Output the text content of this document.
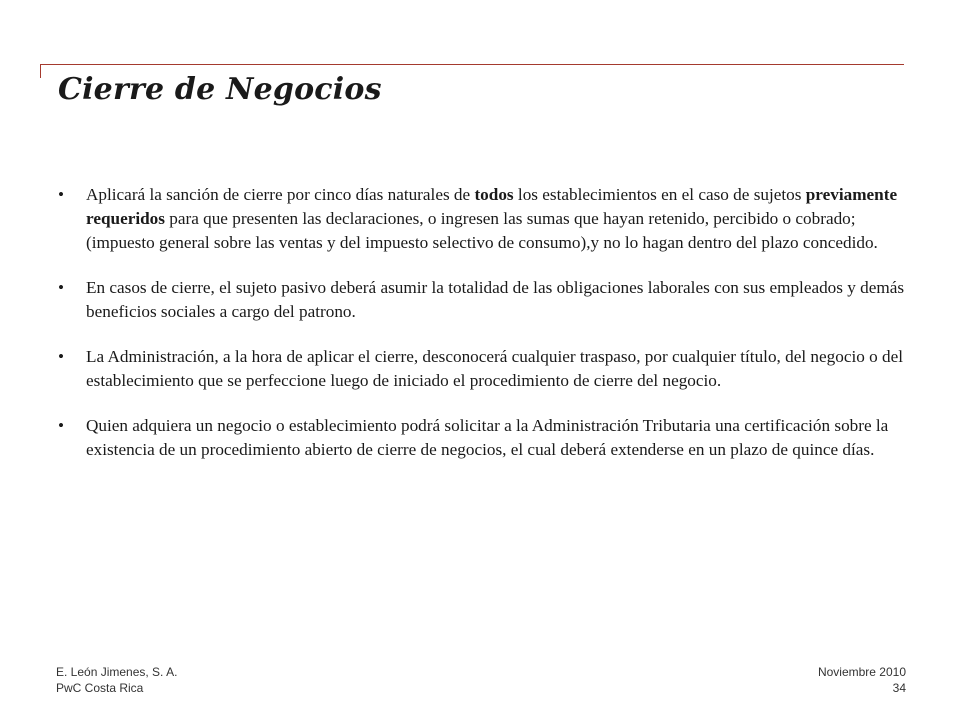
Cierre de Negocios
• Aplicará la sanción de cierre por cinco días naturales de todos los establecimientos en el caso de sujetos previamente requeridos para que presenten las declaraciones, o ingresen las sumas que hayan retenido, percibido o cobrado; (impuesto general sobre las ventas y del impuesto selectivo de consumo),y no lo hagan dentro del plazo concedido.
• En casos de cierre, el sujeto pasivo deberá asumir la totalidad de las obligaciones laborales con sus empleados y demás beneficios sociales a cargo del patrono.
• La Administración, a la hora de aplicar el cierre, desconocerá cualquier traspaso, por cualquier título, del negocio o del establecimiento que se perfeccione luego de iniciado el procedimiento de cierre del negocio.
• Quien adquiera un negocio o establecimiento podrá solicitar a la Administración Tributaria una certificación sobre la existencia de un procedimiento abierto de cierre de negocios, el cual deberá extenderse en un plazo de quince días.
E. León Jimenes, S. A.
PwC Costa Rica
Noviembre 2010
34
